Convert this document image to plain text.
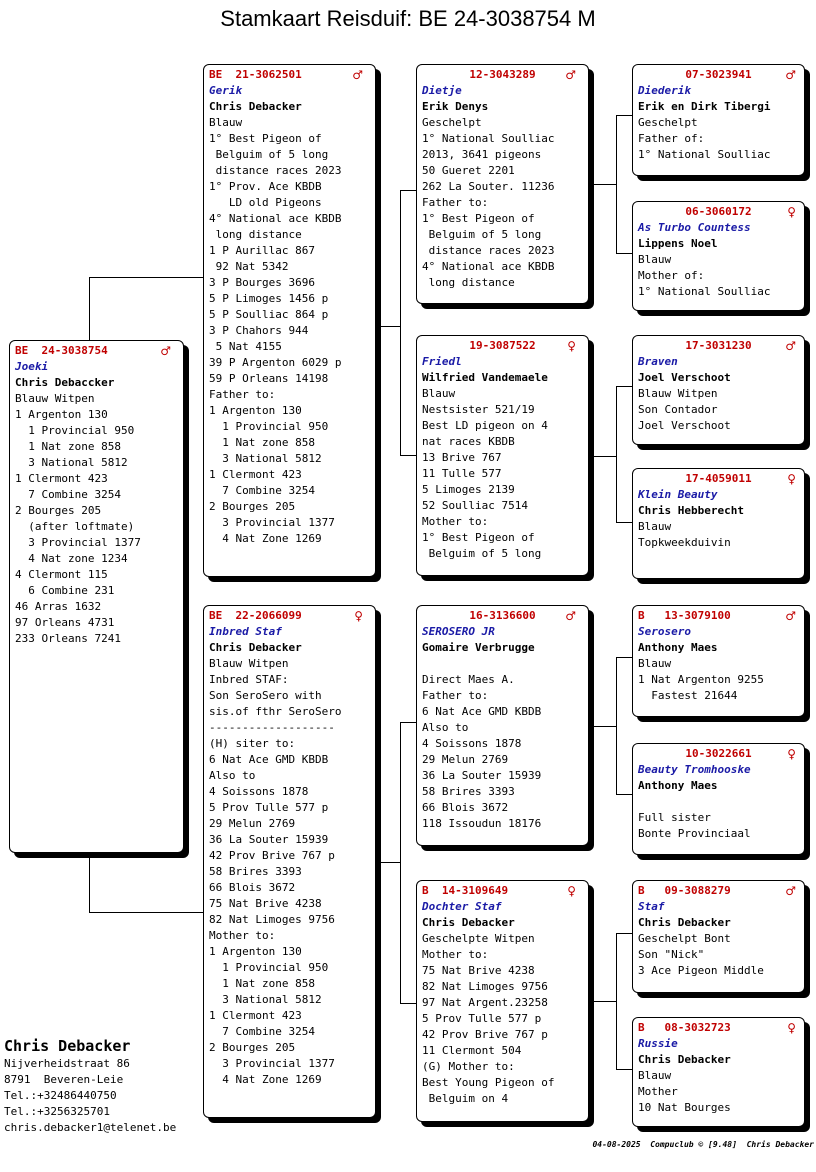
Stamkaart Reisduif: BE 24-3038754 M
BE  24-3038754	♂
Joeki
Chris Debaccker
Blauw Witpen
1 Argenton 130
1 Provincial 950
1 Nat zone 858
3 National 5812
1 Clermont 423
7 Combine 3254
2 Bourges 205
(after loftmate)
3 Provincial 1377
4 Nat zone 1234
4 Clermont 115
6 Combine 231
46 Arras 1632
97 Orleans 4731
233 Orleans 7241
BE  21-3062501	♂
Gerik
Chris Debacker
Blauw
1° Best Pigeon of
Belguim of 5 long
distance races 2023
1° Prov. Ace KBDB
LD old Pigeons
4° National ace KBDB
long distance
1 P Aurillac 867
92 Nat 5342
3 P Bourges 3696
5 P Limoges 1456 p
5 P Soulliac 864 p
3 P Chahors 944
5 Nat 4155
39 P Argenton 6029 p
59 P Orleans 14198
Father to:
1 Argenton 130
1 Provincial 950
1 Nat zone 858
3 National 5812
1 Clermont 423
7 Combine 3254
2 Bourges 205
3 Provincial 1377
4 Nat Zone 1269
BE  22-2066099	♀
Inbred Staf
Chris Debacker
Blauw Witpen
Inbred STAF:
Son SeroSero with
sis.of fthr SeroSero
-------------------
(H) siter to:
6 Nat Ace GMD KBDB
Also to
4 Soissons 1878
5 Prov Tulle 577 p
29 Melun 2769
36 La Souter 15939
42 Prov Brive 767 p
58 Brires 3393
66 Blois 3672
75 Nat Brive 4238
82 Nat Limoges 9756
Mother to:
1 Argenton 130
1 Provincial 950
1 Nat zone 858
3 National 5812
1 Clermont 423
7 Combine 3254
2 Bourges 205
3 Provincial 1377
4 Nat Zone 1269
12-3043289	♂
Dietje
Erik Denys
Geschelpt
1° National Soulliac
2013, 3641 pigeons
50 Gueret 2201
262 La Souter. 11236
Father to:
1° Best Pigeon of
Belguim of 5 long
distance races 2023
4° National ace KBDB
long distance
19-3087522	♀
Friedl
Wilfried Vandemaele
Blauw
Nestsister 521/19
Best LD pigeon on 4
nat races KBDB
13 Brive 767
11 Tulle 577
5 Limoges 2139
52 Soulliac 7514
Mother to:
1° Best Pigeon of
Belguim of 5 long
16-3136600	♂
SEROSERO JR
Gomaire Verbrugge
Direct Maes A.
Father to:
6 Nat Ace GMD KBDB
Also to
4 Soissons 1878
29 Melun 2769
36 La Souter 15939
58 Brires 3393
66 Blois 3672
118 Issoudun 18176
B  14-3109649	♀
Dochter Staf
Chris Debacker
Geschelpte Witpen
Mother to:
75 Nat Brive 4238
82 Nat Limoges 9756
97 Nat Argent.23258
5 Prov Tulle 577 p
42 Prov Brive 767 p
11 Clermont 504
(G) Mother to:
Best Young Pigeon of
Belguim on 4
07-3023941	♂
Diederik
Erik en Dirk Tibergi
Geschelpt
Father of:
1° National Soulliac
06-3060172	♀
As Turbo Countess
Lippens Noel
Blauw
Mother of:
1° National Soulliac
17-3031230	♂
Braven
Joel Verschoot
Blauw Witpen
Son Contador
Joel Verschoot
17-4059011	♀
Klein Beauty
Chris Hebberecht
Blauw
Topkweekduivin
B   13-3079100	♂
Serosero
Anthony Maes
Blauw
1 Nat Argenton 9255
Fastest 21644
10-3022661	♀
Beauty Tromhooske
Anthony Maes
Full sister
Bonte Provinciaal
B   09-3088279	♂
Staf
Chris Debacker
Geschelpt Bont
Son "Nick"
3 Ace Pigeon Middle
B   08-3032723	♀
Russie
Chris Debacker
Blauw
Mother
10 Nat Bourges
Chris Debacker
Nijverheidstraat 86
8791  Beveren-Leie
Tel.:+32486440750
Tel.:+3256325701
chris.debacker1@telenet.be
04-08-2025  Compuclub © [9.48]  Chris Debacker
